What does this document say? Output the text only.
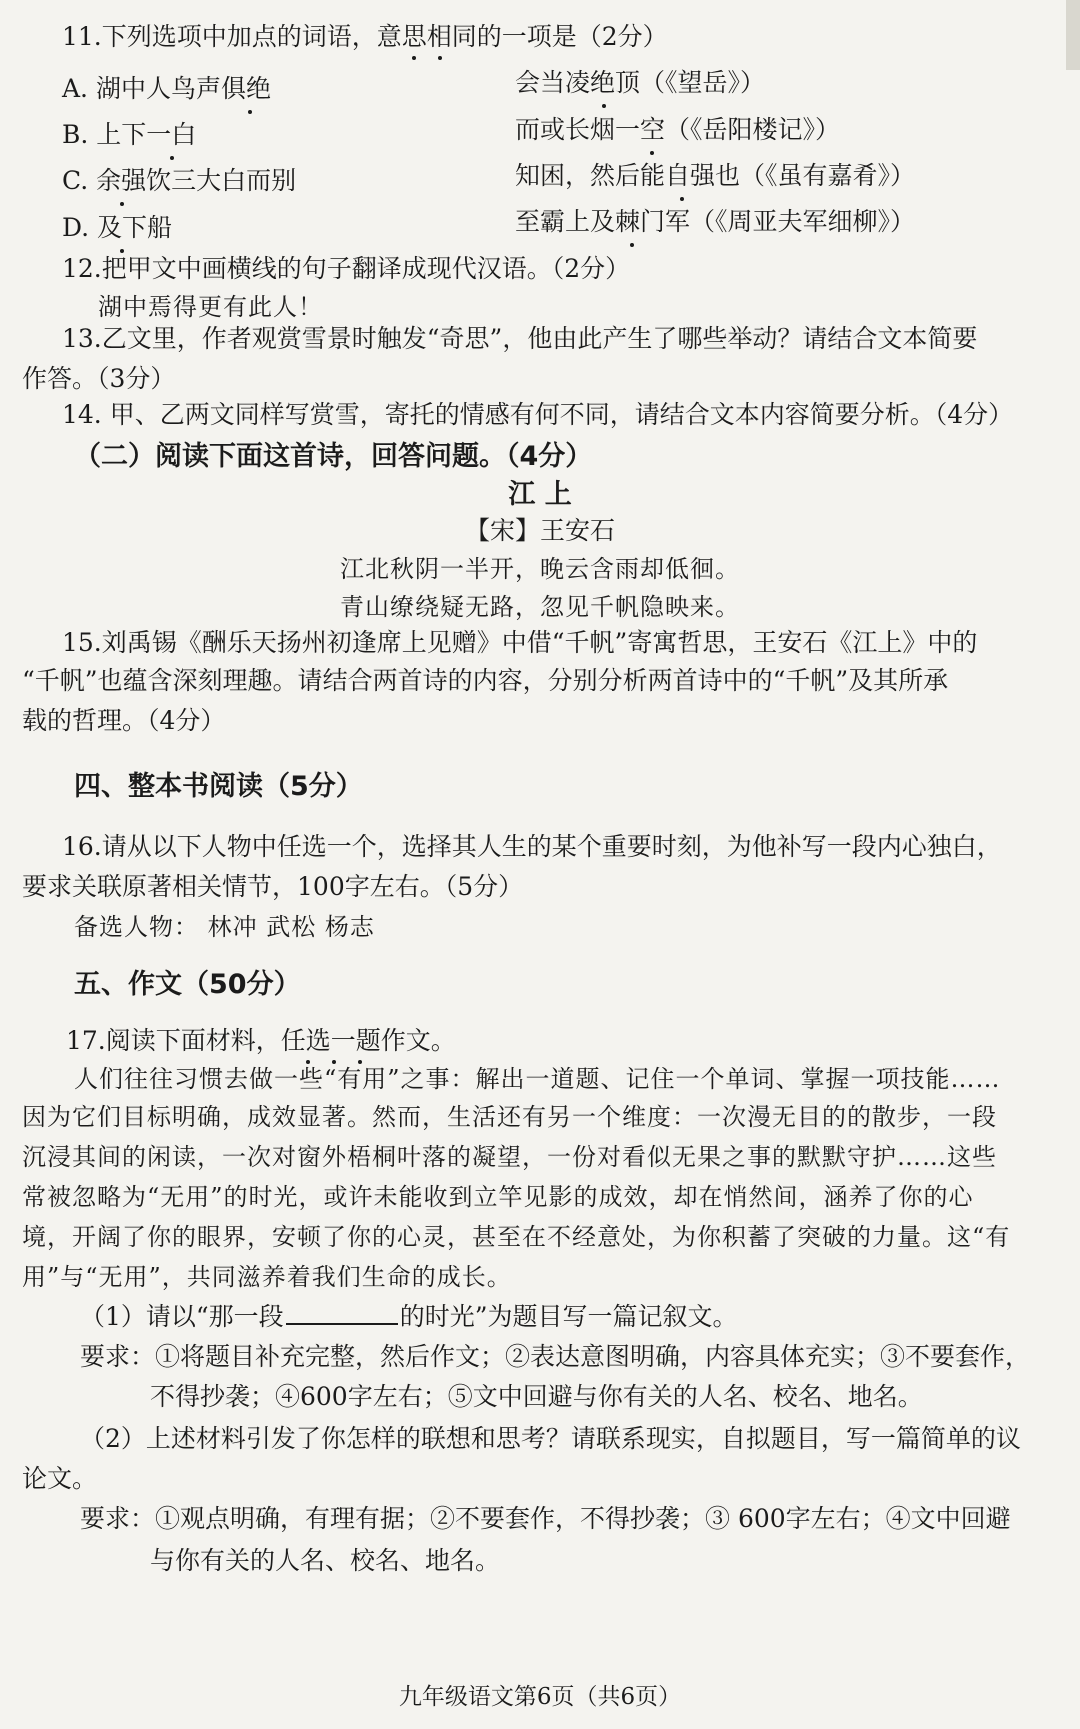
11.下列选项中加点的词语，意思相同的一项是（2分）
A. 湖中人鸟声俱绝	会当凌绝顶（《望岳》）
B. 上下一白	而或长烟一空（《岳阳楼记》）
C. 余强饮三大白而别	知困，然后能自强也（《虽有嘉肴》）
D. 及下船	至霸上及棘门军（《周亚夫军细柳》）
12.把甲文中画横线的句子翻译成现代汉语。（2分）
湖中焉得更有此人！
13.乙文里，作者观赏雪景时触发“奇思”，他由此产生了哪些举动？请结合文本简要
作答。（3分）
14. 甲、乙两文同样写赏雪，寄托的情感有何不同，请结合文本内容简要分析。（4分）
（二）阅读下面这首诗，回答问题。（4分）
江 上
【宋】王安石
江北秋阴一半开，晚云含雨却低徊。
青山缭绕疑无路，忽见千帆隐映来。
15.刘禹锡《酬乐天扬州初逢席上见赠》中借“千帆”寄寓哲思，王安石《江上》中的
“千帆”也蕴含深刻理趣。请结合两首诗的内容，分别分析两首诗中的“千帆”及其所承
载的哲理。（4分）
四、整本书阅读（5分）
16.请从以下人物中任选一个，选择其人生的某个重要时刻，为他补写一段内心独白，
要求关联原著相关情节，100字左右。（5分）
备选人物： 林冲 武松 杨志
五、作文（50分）
17.阅读下面材料，任选一题作文。
人们往往习惯去做一些“有用”之事：解出一道题、记住一个单词、掌握一项技能……
因为它们目标明确，成效显著。然而，生活还有另一个维度：一次漫无目的的散步，一段
沉浸其间的闲读，一次对窗外梧桐叶落的凝望，一份对看似无果之事的默默守护……这些
常被忽略为“无用”的时光，或许未能收到立竿见影的成效，却在悄然间，涵养了你的心
境，开阔了你的眼界，安顿了你的心灵，甚至在不经意处，为你积蓄了突破的力量。这“有
用”与“无用”，共同滋养着我们生命的成长。
（1）请以“那一段	的时光”为题目写一篇记叙文。
要求：①将题目补充完整，然后作文；②表达意图明确，内容具体充实；③不要套作，
不得抄袭；④600字左右；⑤文中回避与你有关的人名、校名、地名。
（2）上述材料引发了你怎样的联想和思考？请联系现实，自拟题目，写一篇简单的议
论文。
要求：①观点明确，有理有据；②不要套作，不得抄袭；③ 600字左右；④文中回避
与你有关的人名、校名、地名。
九年级语文第6页（共6页）
